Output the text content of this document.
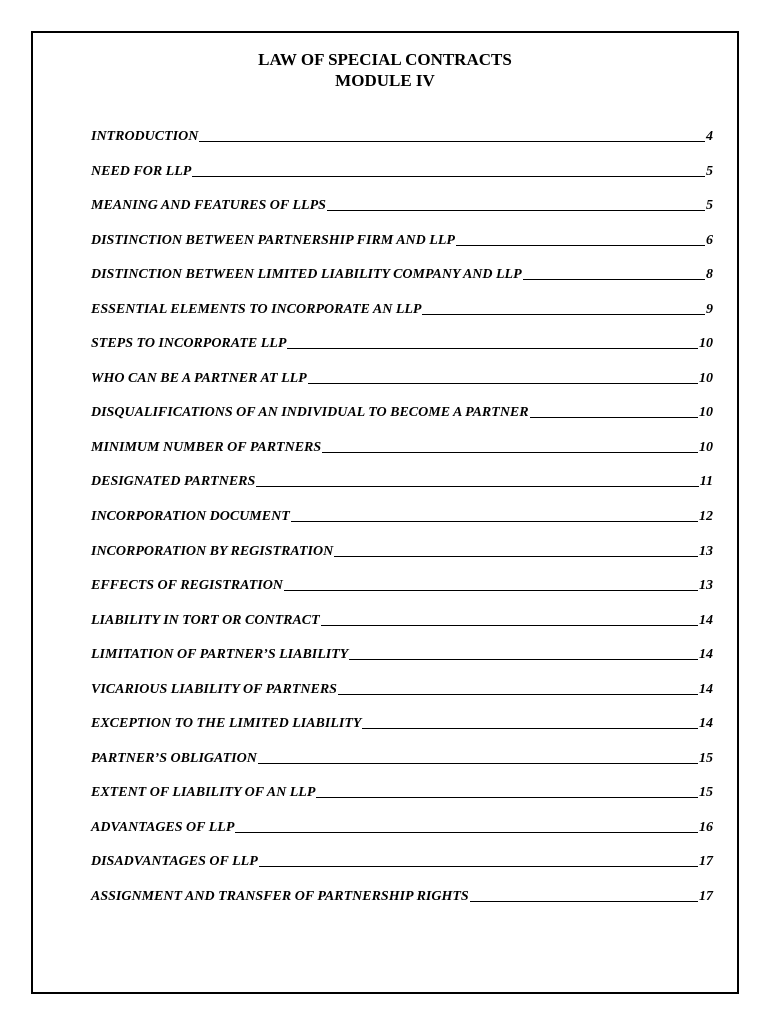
LAW OF SPECIAL CONTRACTS
MODULE IV
INTRODUCTION	4
NEED FOR LLP	5
MEANING AND FEATURES OF LLPS	5
DISTINCTION BETWEEN PARTNERSHIP FIRM AND LLP	6
DISTINCTION BETWEEN LIMITED LIABILITY COMPANY AND LLP	8
ESSENTIAL ELEMENTS TO INCORPORATE AN LLP	9
STEPS TO INCORPORATE LLP	10
WHO CAN BE A PARTNER AT LLP	10
DISQUALIFICATIONS OF AN INDIVIDUAL TO BECOME A PARTNER	10
MINIMUM NUMBER OF PARTNERS	10
DESIGNATED PARTNERS	11
INCORPORATION DOCUMENT	12
INCORPORATION BY REGISTRATION	13
EFFECTS OF REGISTRATION	13
LIABILITY IN TORT OR CONTRACT	14
LIMITATION OF PARTNER’S LIABILITY	14
VICARIOUS LIABILITY OF PARTNERS	14
EXCEPTION TO THE LIMITED LIABILITY	14
PARTNER’S OBLIGATION	15
EXTENT OF LIABILITY OF AN LLP	15
ADVANTAGES OF LLP	16
DISADVANTAGES OF LLP	17
ASSIGNMENT AND TRANSFER OF PARTNERSHIP RIGHTS	17
